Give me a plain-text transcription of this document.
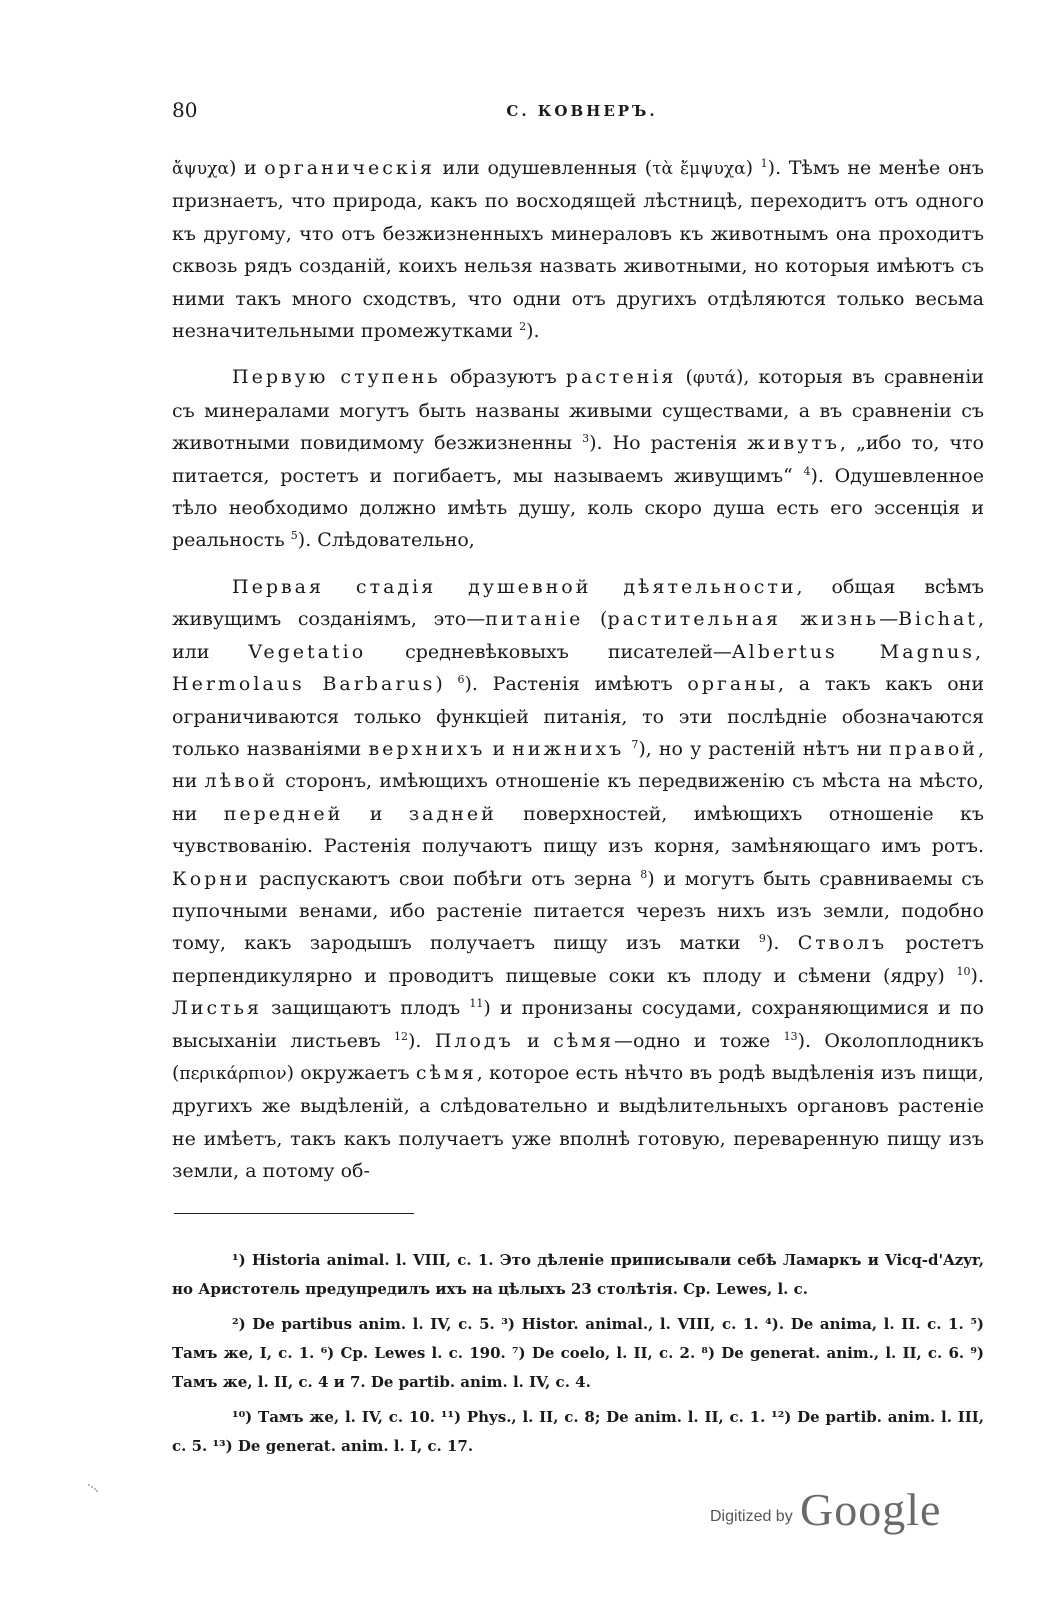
80	С. КОВНЕРЪ.

ἄψυχα) и органическія или одушевленныя (τὰ ἔμψυχα) $^1$). Тѣмъ не менѣе онъ признаетъ, что природа, какъ по восходящей лѣстницѣ, переходитъ отъ одного къ другому, что отъ безжизненныхъ минераловъ къ животнымъ она проходитъ сквозь рядъ созданій, коихъ нельзя назвать животными, но которыя имѣютъ съ ними такъ много сходствъ, что одни отъ другихъ отдѣляются только весьма незначительными промежутками $^2$).

Первую ступень образуютъ растенія (φυτά), которыя въ сравненіи съ минералами могутъ быть названы живыми существами, а въ сравненіи съ животными повидимому безжизненны $^3$). Но растенія живутъ, „ибо то, что питается, ростетъ и погибаетъ, мы называемъ живущимъ“ $^4$). Одушевленное тѣло необходимо должно имѣть душу, коль скоро душа есть его эссенція и реальность $^5$). Слѣдовательно,

Первая стадія душевной дѣятельности, общая всѣмъ живущимъ созданіямъ, это—питаніе (растительная жизнь—Bichat, или Vegetatio средневѣковыхъ писателей—Albertus Magnus, Hermolaus Barbarus) $^6$). Растенія имѣютъ органы, а такъ какъ они ограничиваются только функціей питанія, то эти послѣдніе обозначаются только названіями верхнихъ и нижнихъ $^7$), но у растеній нѣтъ ни правой, ни лѣвой сторонъ, имѣющихъ отношеніе къ передвиженію съ мѣста на мѣсто, ни передней и задней поверхностей, имѣющихъ отношеніе къ чувствованію. Растенія получаютъ пищу изъ корня, замѣняющаго имъ ротъ. Корни распускаютъ свои побѣги отъ зерна $^8$) и могутъ быть сравниваемы съ пупочными венами, ибо растеніе питается черезъ нихъ изъ земли, подобно тому, какъ зародышъ получаетъ пищу изъ матки $^9$). Стволъ ростетъ перпендикулярно и проводитъ пищевые соки къ плоду и сѣмени (ядру) $^{10}$). Листья защищаютъ плодъ $^{11}$) и пронизаны сосудами, сохраняющимися и по высыханіи листьевъ $^{12}$). Плодъ и сѣмя—одно и тоже $^{13}$). Околоплодникъ (περικάρπιον) окружаетъ сѣмя, которое есть нѣчто въ родѣ выдѣленія изъ пищи, другихъ же выдѣленій, а слѣдовательно и выдѣлительныхъ органовъ растеніе не имѣетъ, такъ какъ получаетъ уже вполнѣ готовую, переваренную пищу изъ земли, а потому об-

¹) Historia animal. l. VIII, c. 1. Это дѣленіе приписывали себѣ Ламаркъ и Vicq-d'Azyr, но Аристотель предупредилъ ихъ на цѣлыхъ 23 столѣтія. Ср. Lewes, l. c.

²) De partibus anim. l. IV, c. 5. ³) Histor. animal., l. VIII, c. 1. ⁴). De anima, l. II. c. 1. ⁵) Тамъ же, I, c. 1. ⁶) Ср. Lewes l. c. 190. ⁷) De coelo, l. II, c. 2. ⁸) De generat. anim., l. II, c. 6. ⁹) Тамъ же, l. II, c. 4 и 7. De partib. anim. l. IV, c. 4.

¹⁰) Тамъ же, l. IV, c. 10. ¹¹) Phys., l. II, c. 8; De anim. l. II, c. 1. ¹²) De partib. anim. l. III, c. 5. ¹³) De generat. anim. l. I, c. 17.

Digitized by Google
